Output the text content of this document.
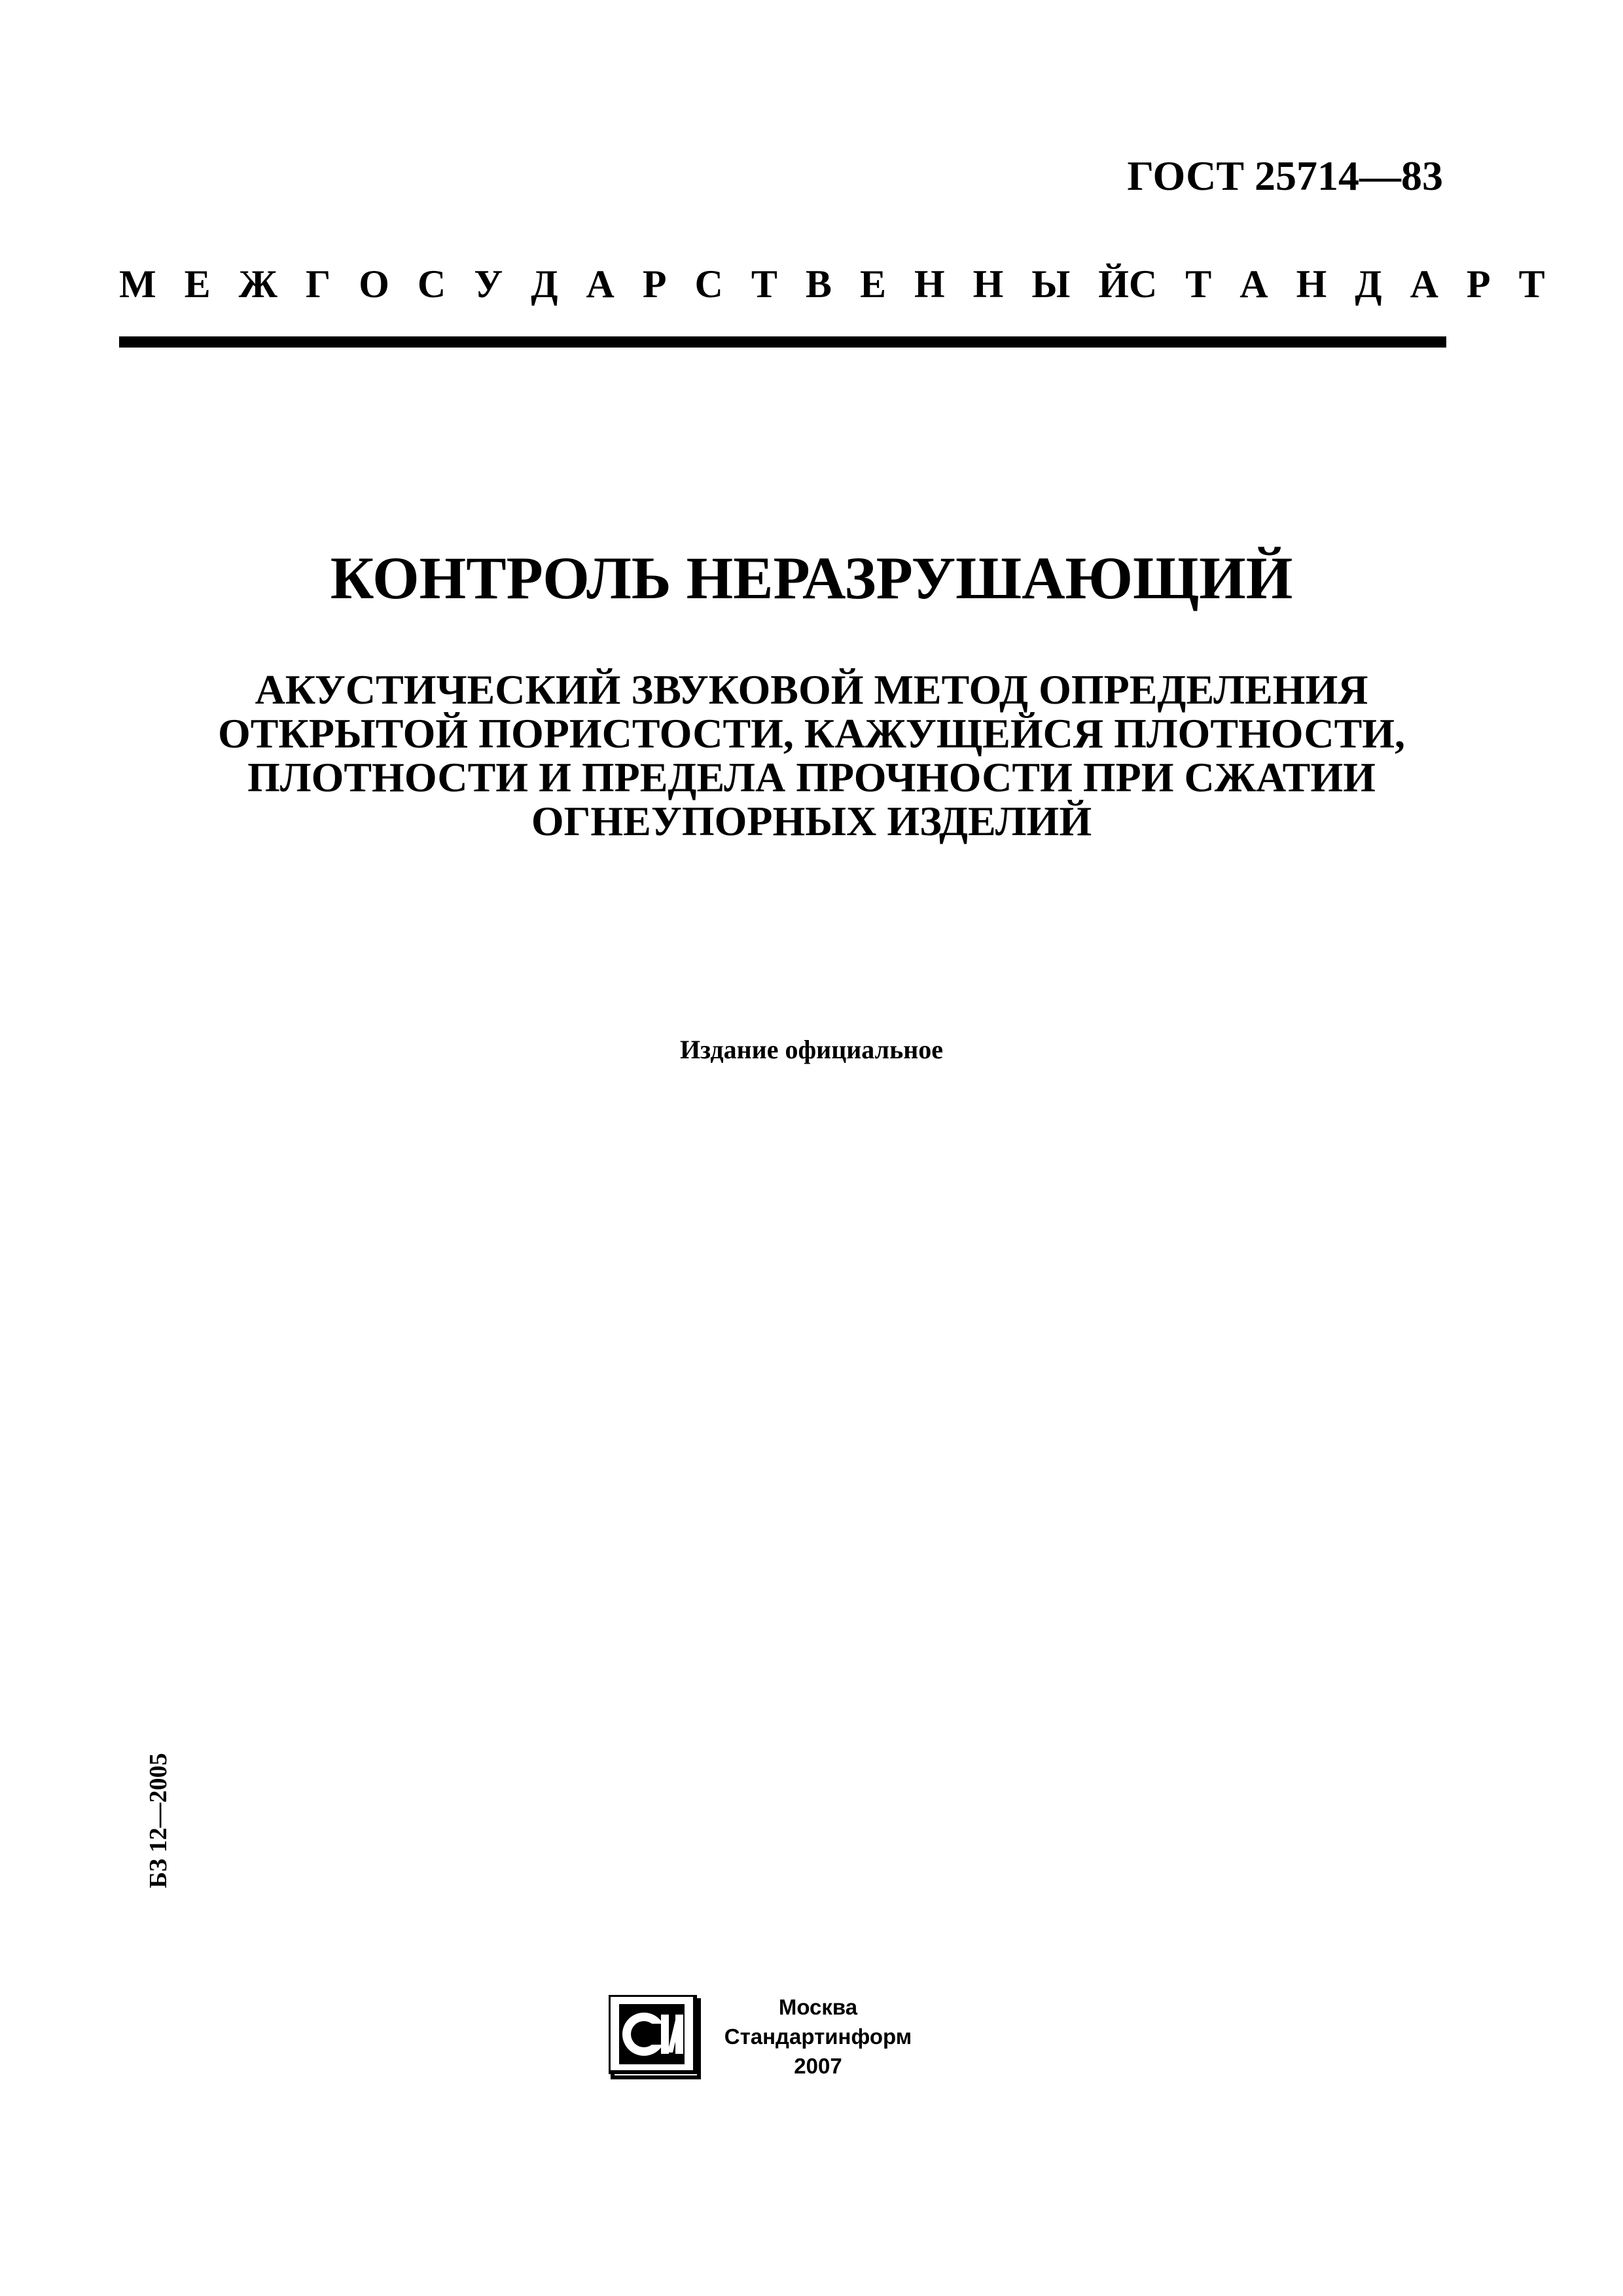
ГОСТ 25714—83
М Е Ж Г О С У Д А Р С Т В Е Н Н Ы Й С Т А Н Д А Р Т
КОНТРОЛЬ НЕРАЗРУШАЮЩИЙ
АКУСТИЧЕСКИЙ ЗВУКОВОЙ МЕТОД ОПРЕДЕЛЕНИЯ
ОТКРЫТОЙ ПОРИСТОСТИ, КАЖУЩЕЙСЯ ПЛОТНОСТИ,
ПЛОТНОСТИ И ПРЕДЕЛА ПРОЧНОСТИ ПРИ СЖАТИИ
ОГНЕУПОРНЫХ ИЗДЕЛИЙ
Издание официальное
БЗ 12—2005
Москва
Стандартинформ
2007
